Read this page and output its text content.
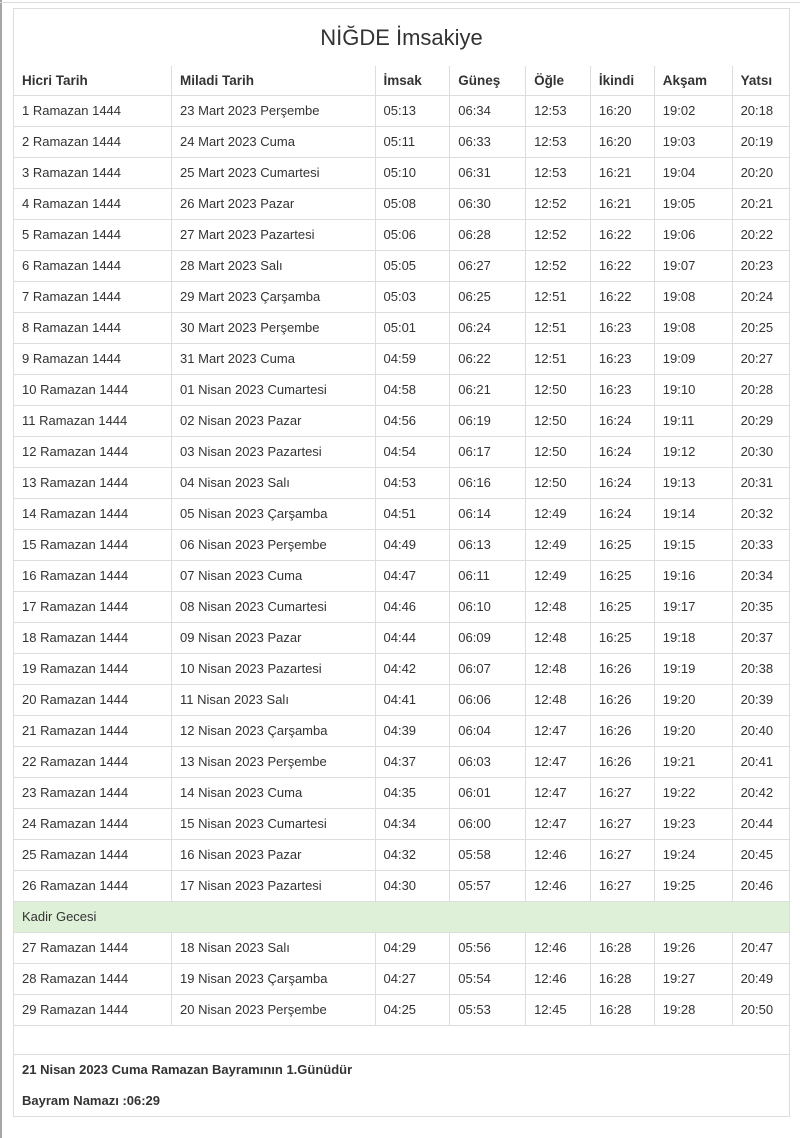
NİĞDE İmsakiye
Hicri Tarih	Miladi Tarih	İmsak	Güneş	Öğle	İkindi	Akşam	Yatsı
1 Ramazan 1444	23 Mart 2023 Perşembe	05:13	06:34	12:53	16:20	19:02	20:18
2 Ramazan 1444	24 Mart 2023 Cuma	05:11	06:33	12:53	16:20	19:03	20:19
3 Ramazan 1444	25 Mart 2023 Cumartesi	05:10	06:31	12:53	16:21	19:04	20:20
4 Ramazan 1444	26 Mart 2023 Pazar	05:08	06:30	12:52	16:21	19:05	20:21
5 Ramazan 1444	27 Mart 2023 Pazartesi	05:06	06:28	12:52	16:22	19:06	20:22
6 Ramazan 1444	28 Mart 2023 Salı	05:05	06:27	12:52	16:22	19:07	20:23
7 Ramazan 1444	29 Mart 2023 Çarşamba	05:03	06:25	12:51	16:22	19:08	20:24
8 Ramazan 1444	30 Mart 2023 Perşembe	05:01	06:24	12:51	16:23	19:08	20:25
9 Ramazan 1444	31 Mart 2023 Cuma	04:59	06:22	12:51	16:23	19:09	20:27
10 Ramazan 1444	01 Nisan 2023 Cumartesi	04:58	06:21	12:50	16:23	19:10	20:28
11 Ramazan 1444	02 Nisan 2023 Pazar	04:56	06:19	12:50	16:24	19:11	20:29
12 Ramazan 1444	03 Nisan 2023 Pazartesi	04:54	06:17	12:50	16:24	19:12	20:30
13 Ramazan 1444	04 Nisan 2023 Salı	04:53	06:16	12:50	16:24	19:13	20:31
14 Ramazan 1444	05 Nisan 2023 Çarşamba	04:51	06:14	12:49	16:24	19:14	20:32
15 Ramazan 1444	06 Nisan 2023 Perşembe	04:49	06:13	12:49	16:25	19:15	20:33
16 Ramazan 1444	07 Nisan 2023 Cuma	04:47	06:11	12:49	16:25	19:16	20:34
17 Ramazan 1444	08 Nisan 2023 Cumartesi	04:46	06:10	12:48	16:25	19:17	20:35
18 Ramazan 1444	09 Nisan 2023 Pazar	04:44	06:09	12:48	16:25	19:18	20:37
19 Ramazan 1444	10 Nisan 2023 Pazartesi	04:42	06:07	12:48	16:26	19:19	20:38
20 Ramazan 1444	11 Nisan 2023 Salı	04:41	06:06	12:48	16:26	19:20	20:39
21 Ramazan 1444	12 Nisan 2023 Çarşamba	04:39	06:04	12:47	16:26	19:20	20:40
22 Ramazan 1444	13 Nisan 2023 Perşembe	04:37	06:03	12:47	16:26	19:21	20:41
23 Ramazan 1444	14 Nisan 2023 Cuma	04:35	06:01	12:47	16:27	19:22	20:42
24 Ramazan 1444	15 Nisan 2023 Cumartesi	04:34	06:00	12:47	16:27	19:23	20:44
25 Ramazan 1444	16 Nisan 2023 Pazar	04:32	05:58	12:46	16:27	19:24	20:45
26 Ramazan 1444	17 Nisan 2023 Pazartesi	04:30	05:57	12:46	16:27	19:25	20:46
Kadir Gecesi							
27 Ramazan 1444	18 Nisan 2023 Salı	04:29	05:56	12:46	16:28	19:26	20:47
28 Ramazan 1444	19 Nisan 2023 Çarşamba	04:27	05:54	12:46	16:28	19:27	20:49
29 Ramazan 1444	20 Nisan 2023 Perşembe	04:25	05:53	12:45	16:28	19:28	20:50

21 Nisan 2023 Cuma Ramazan Bayramının 1.Günüdür

Bayram Namazı :06:29							
